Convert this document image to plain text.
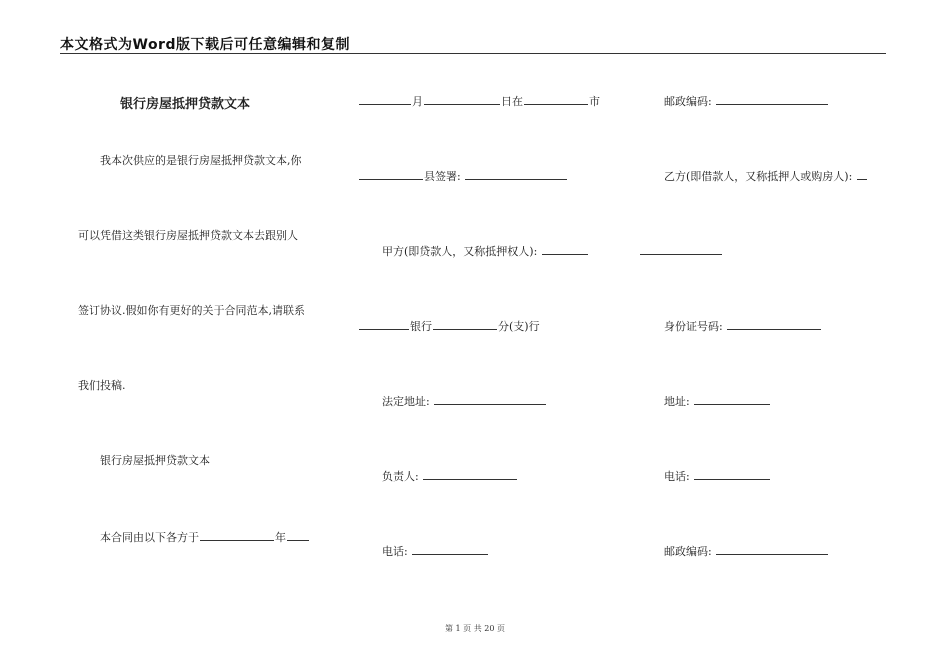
本文格式为Word版下载后可任意编辑和复制
银行房屋抵押贷款文本
我本次供应的是银行房屋抵押贷款文本,你
可以凭借这类银行房屋抵押贷款文本去跟别人
签订协议.假如你有更好的关于合同范本,请联系
我们投稿.
银行房屋抵押贷款文本
本合同由以下各方于	年
月	日在	市
县签署:
甲方(即贷款人，又称抵押权人):
银行	分(支)行
法定地址:
负责人:
电话:
邮政编码:
乙方(即借款人，又称抵押人或购房人):
身份证号码:
地址:
电话:
邮政编码:
第 1 页 共 20 页
